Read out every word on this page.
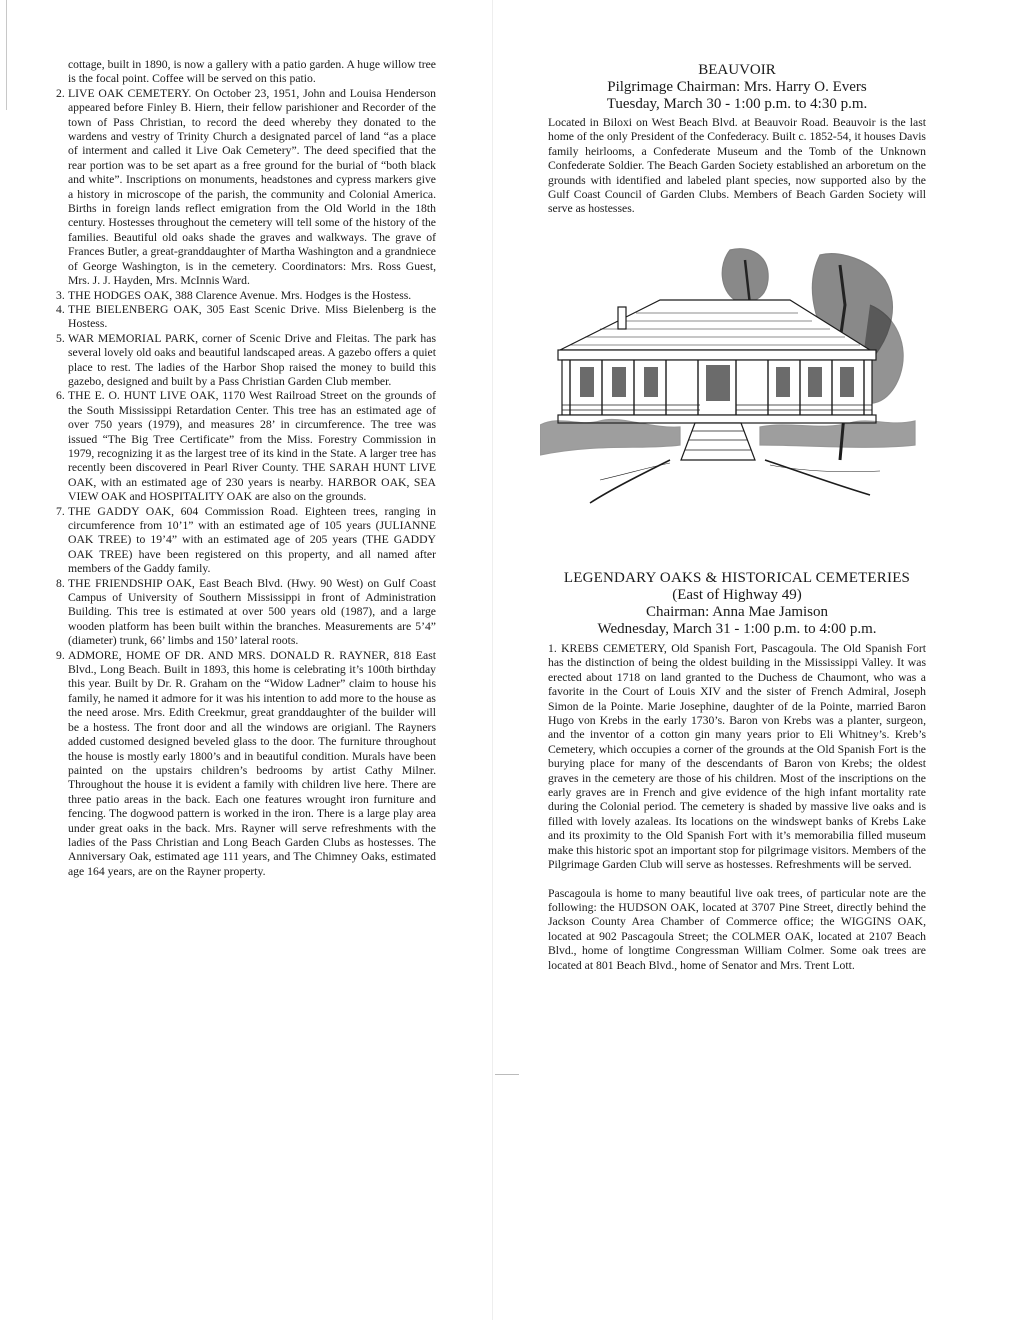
cottage, built in 1890, is now a gallery with a patio garden. A huge willow tree is the focal point. Coffee will be served on this patio.

2. LIVE OAK CEMETERY. On October 23, 1951, John and Louisa Henderson appeared before Finley B. Hiern, their fellow parishioner and Recorder of the town of Pass Christian, to record the deed whereby they donated to the wardens and vestry of Trinity Church a designated parcel of land “as a place of interment and called it Live Oak Cemetery”. The deed specified that the rear portion was to be set apart as a free ground for the burial of “both black and white”. Inscriptions on monuments, headstones and cypress markers give a history in microscope of the parish, the community and Colonial America. Births in foreign lands reflect emigration from the Old World in the 18th century. Hostesses throughout the cemetery will tell some of the history of the families. Beautiful old oaks shade the graves and walkways. The grave of Frances Butler, a great-granddaughter of Martha Washington and a grandniece of George Washington, is in the cemetery. Coordinators: Mrs. Ross Guest, Mrs. J. J. Hayden, Mrs. McInnis Ward.
3. THE HODGES OAK, 388 Clarence Avenue. Mrs. Hodges is the Hostess.
4. THE BIELENBERG OAK, 305 East Scenic Drive. Miss Bielenberg is the Hostess.
5. WAR MEMORIAL PARK, corner of Scenic Drive and Fleitas. The park has several lovely old oaks and beautiful landscaped areas. A gazebo offers a quiet place to rest. The ladies of the Harbor Shop raised the money to build this gazebo, designed and built by a Pass Christian Garden Club member.
6. THE E. O. HUNT LIVE OAK, 1170 West Railroad Street on the grounds of the South Mississippi Retardation Center. This tree has an estimated age of over 750 years (1979), and measures 28’ in circumference. The tree was issued “The Big Tree Certificate” from the Miss. Forestry Commission in 1979, recognizing it as the largest tree of its kind in the State. A larger tree has recently been discovered in Pearl River County. THE SARAH HUNT LIVE OAK, with an estimated age of 230 years is nearby. HARBOR OAK, SEA VIEW OAK and HOSPITALITY OAK are also on the grounds.
7. THE GADDY OAK, 604 Commission Road. Eighteen trees, ranging in circumference from 10’1” with an estimated age of 105 years (JULIANNE OAK TREE) to 19’4” with an estimated age of 205 years (THE GADDY OAK TREE) have been registered on this property, and all named after members of the Gaddy family.
8. THE FRIENDSHIP OAK, East Beach Blvd. (Hwy. 90 West) on Gulf Coast Campus of University of Southern Mississippi in front of Administration Building. This tree is estimated at over 500 years old (1987), and a large wooden platform has been built within the branches. Measurements are 5’4” (diameter) trunk, 66’ limbs and 150’ lateral roots.
9. ADMORE, HOME OF DR. AND MRS. DONALD R. RAYNER, 818 East Blvd., Long Beach. Built in 1893, this home is celebrating it’s 100th birthday this year. Built by Dr. R. Graham on the “Widow Ladner” claim to house his family, he named it admore for it was his intention to add more to the house as the need arose. Mrs. Edith Creekmur, great granddaughter of the builder will be a hostess. The front door and all the windows are origianl. The Rayners added customed designed beveled glass to the door. The furniture throughout the house is mostly early 1800’s and in beautiful condition. Murals have been painted on the upstairs children’s bedrooms by artist Cathy Milner. Throughout the house it is evident a family with children live here. There are three patio areas in the back. Each one features wrought iron furniture and fencing. The dogwood pattern is worked in the iron. There is a large play area under great oaks in the back. Mrs. Rayner will serve refreshments with the ladies of the Pass Christian and Long Beach Garden Clubs as hostesses. The Anniversary Oak, estimated age 111 years, and The Chimney Oaks, estimated age 164 years, are on the Rayner property.
BEAUVOIR

Pilgrimage Chairman: Mrs. Harry O. Evers

Tuesday, March 30 - 1:00 p.m. to 4:30 p.m.

Located in Biloxi on West Beach Blvd. at Beauvoir Road. Beauvoir is the last home of the only President of the Confederacy. Built c. 1852-54, it houses Davis family heirlooms, a Confederate Museum and the Tomb of the Unknown Confederate Soldier. The Beach Garden Society established an arboretum on the grounds with identified and labeled plant species, now supported also by the Gulf Coast Council of Garden Clubs. Members of Beach Garden Society will serve as hostesses.

LEGENDARY OAKS & HISTORICAL CEMETERIES

(East of Highway 49)

Chairman: Anna Mae Jamison

Wednesday, March 31 - 1:00 p.m. to 4:00 p.m.

1. KREBS CEMETERY, Old Spanish Fort, Pascagoula. The Old Spanish Fort has the distinction of being the oldest building in the Mississippi Valley. It was erected about 1718 on land granted to the Duchess de Chaumont, who was a favorite in the Court of Louis XIV and the sister of French Admiral, Joseph Simon de la Pointe. Marie Josephine, daughter of de la Pointe, married Baron Hugo von Krebs in the early 1730’s. Baron von Krebs was a planter, surgeon, and the inventor of a cotton gin many years prior to Eli Whitney’s. Kreb’s Cemetery, which occupies a corner of the grounds at the Old Spanish Fort is the burying place for many of the descendants of Baron von Krebs; the oldest graves in the cemetery are those of his children. Most of the inscriptions on the early graves are in French and give evidence of the high infant mortality rate during the Colonial period. The cemetery is shaded by massive live oaks and is filled with lovely azaleas. Its locations on the windswept banks of Krebs Lake and its proximity to the Old Spanish Fort with it’s memorabilia filled museum make this historic spot an important stop for pilgrimage visitors. Members of the Pilgrimage Garden Club will serve as hostesses. Refreshments will be served.

Pascagoula is home to many beautiful live oak trees, of particular note are the following: the HUDSON OAK, located at 3707 Pine Street, directly behind the Jackson County Area Chamber of Commerce office; the WIGGINS OAK, located at 902 Pascagoula Street; the COLMER OAK, located at 2107 Beach Blvd., home of longtime Congressman William Colmer. Some oak trees are located at 801 Beach Blvd., home of Senator and Mrs. Trent Lott.
